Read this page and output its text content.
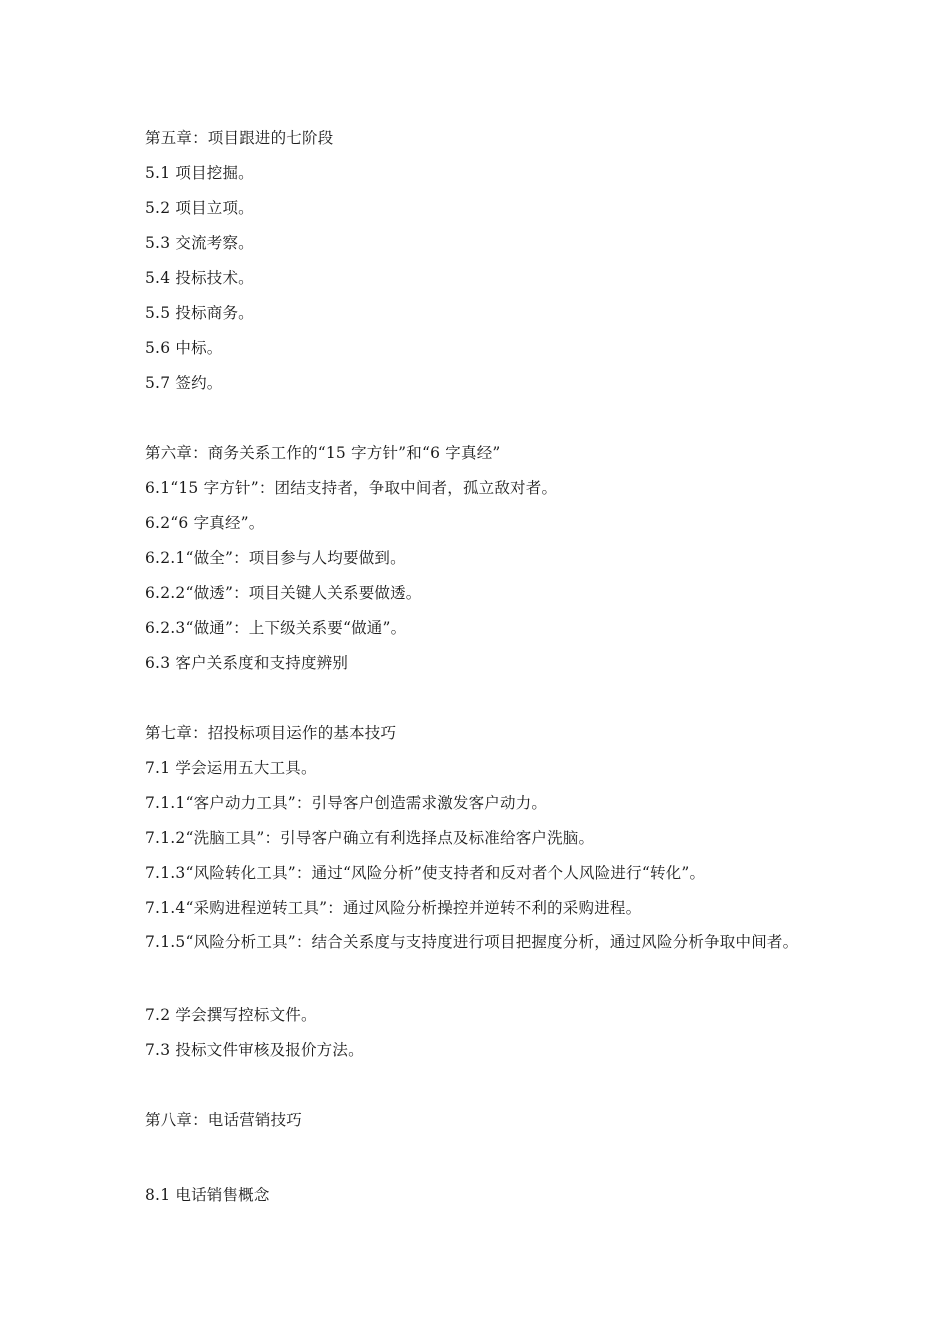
第五章：项目跟进的七阶段
5.1 项目挖掘。
5.2 项目立项。
5.3 交流考察。
5.4 投标技术。
5.5 投标商务。
5.6 中标。
5.7 签约。
第六章：商务关系工作的“15 字方针”和“6 字真经”
6.1“15 字方针”：团结支持者，争取中间者，孤立敌对者。
6.2“6 字真经”。
6.2.1“做全”：项目参与人均要做到。
6.2.2“做透”：项目关键人关系要做透。
6.2.3“做通”：上下级关系要“做通”。
6.3 客户关系度和支持度辨别
第七章：招投标项目运作的基本技巧
7.1 学会运用五大工具。
7.1.1“客户动力工具”：引导客户创造需求激发客户动力。
7.1.2“洗脑工具”：引导客户确立有利选择点及标准给客户洗脑。
7.1.3“风险转化工具”：通过“风险分析”使支持者和反对者个人风险进行“转化”。
7.1.4“采购进程逆转工具”：通过风险分析操控并逆转不利的采购进程。
7.1.5“风险分析工具”：结合关系度与支持度进行项目把握度分析，通过风险分析争取中间者。
7.2 学会撰写控标文件。
7.3 投标文件审核及报价方法。
第八章：电话营销技巧
8.1 电话销售概念
